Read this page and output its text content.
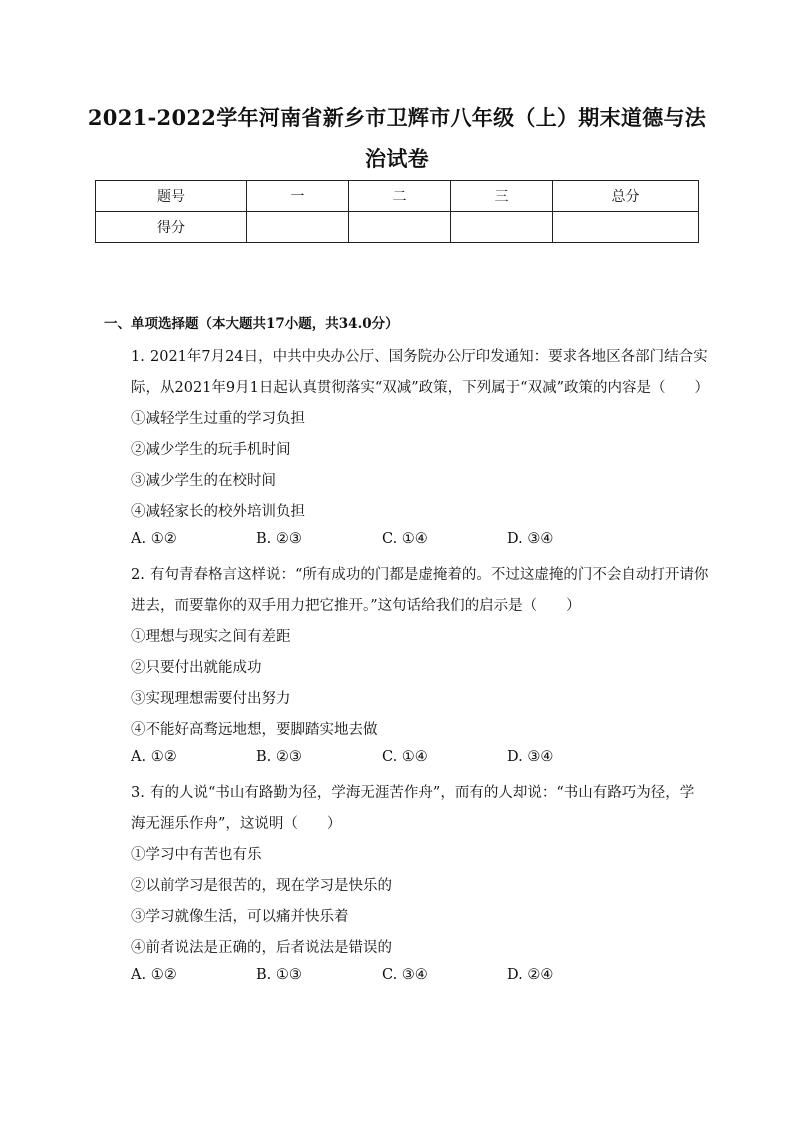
2021-2022学年河南省新乡市卫辉市八年级（上）期末道德与法
治试卷
题号	一	二	三	总分
得分				
一、单项选择题（本大题共17小题，共34.0分）
1. 2021年7月24日，中共中央办公厅、国务院办公厅印发通知：要求各地区各部门结合实
际，从2021年9月1日起认真贯彻落实“双减”政策，下列属于“双减”政策的内容是（　　）
①减轻学生过重的学习负担
②减少学生的玩手机时间
③减少学生的在校时间
④减轻家长的校外培训负担
A. ①②	B. ②③	C. ①④	D. ③④
2. 有句青春格言这样说：“所有成功的门都是虚掩着的。不过这虚掩的门不会自动打开请你
进去，而要靠你的双手用力把它推开。”这句话给我们的启示是（　　）
①理想与现实之间有差距
②只要付出就能成功
③实现理想需要付出努力
④不能好高骛远地想，要脚踏实地去做
A. ①②	B. ②③	C. ①④	D. ③④
3. 有的人说“书山有路勤为径，学海无涯苦作舟”，而有的人却说：“书山有路巧为径，学
海无涯乐作舟”，这说明（　　）
①学习中有苦也有乐
②以前学习是很苦的，现在学习是快乐的
③学习就像生活，可以痛并快乐着
④前者说法是正确的，后者说法是错误的
A. ①②	B. ①③	C. ③④	D. ②④
